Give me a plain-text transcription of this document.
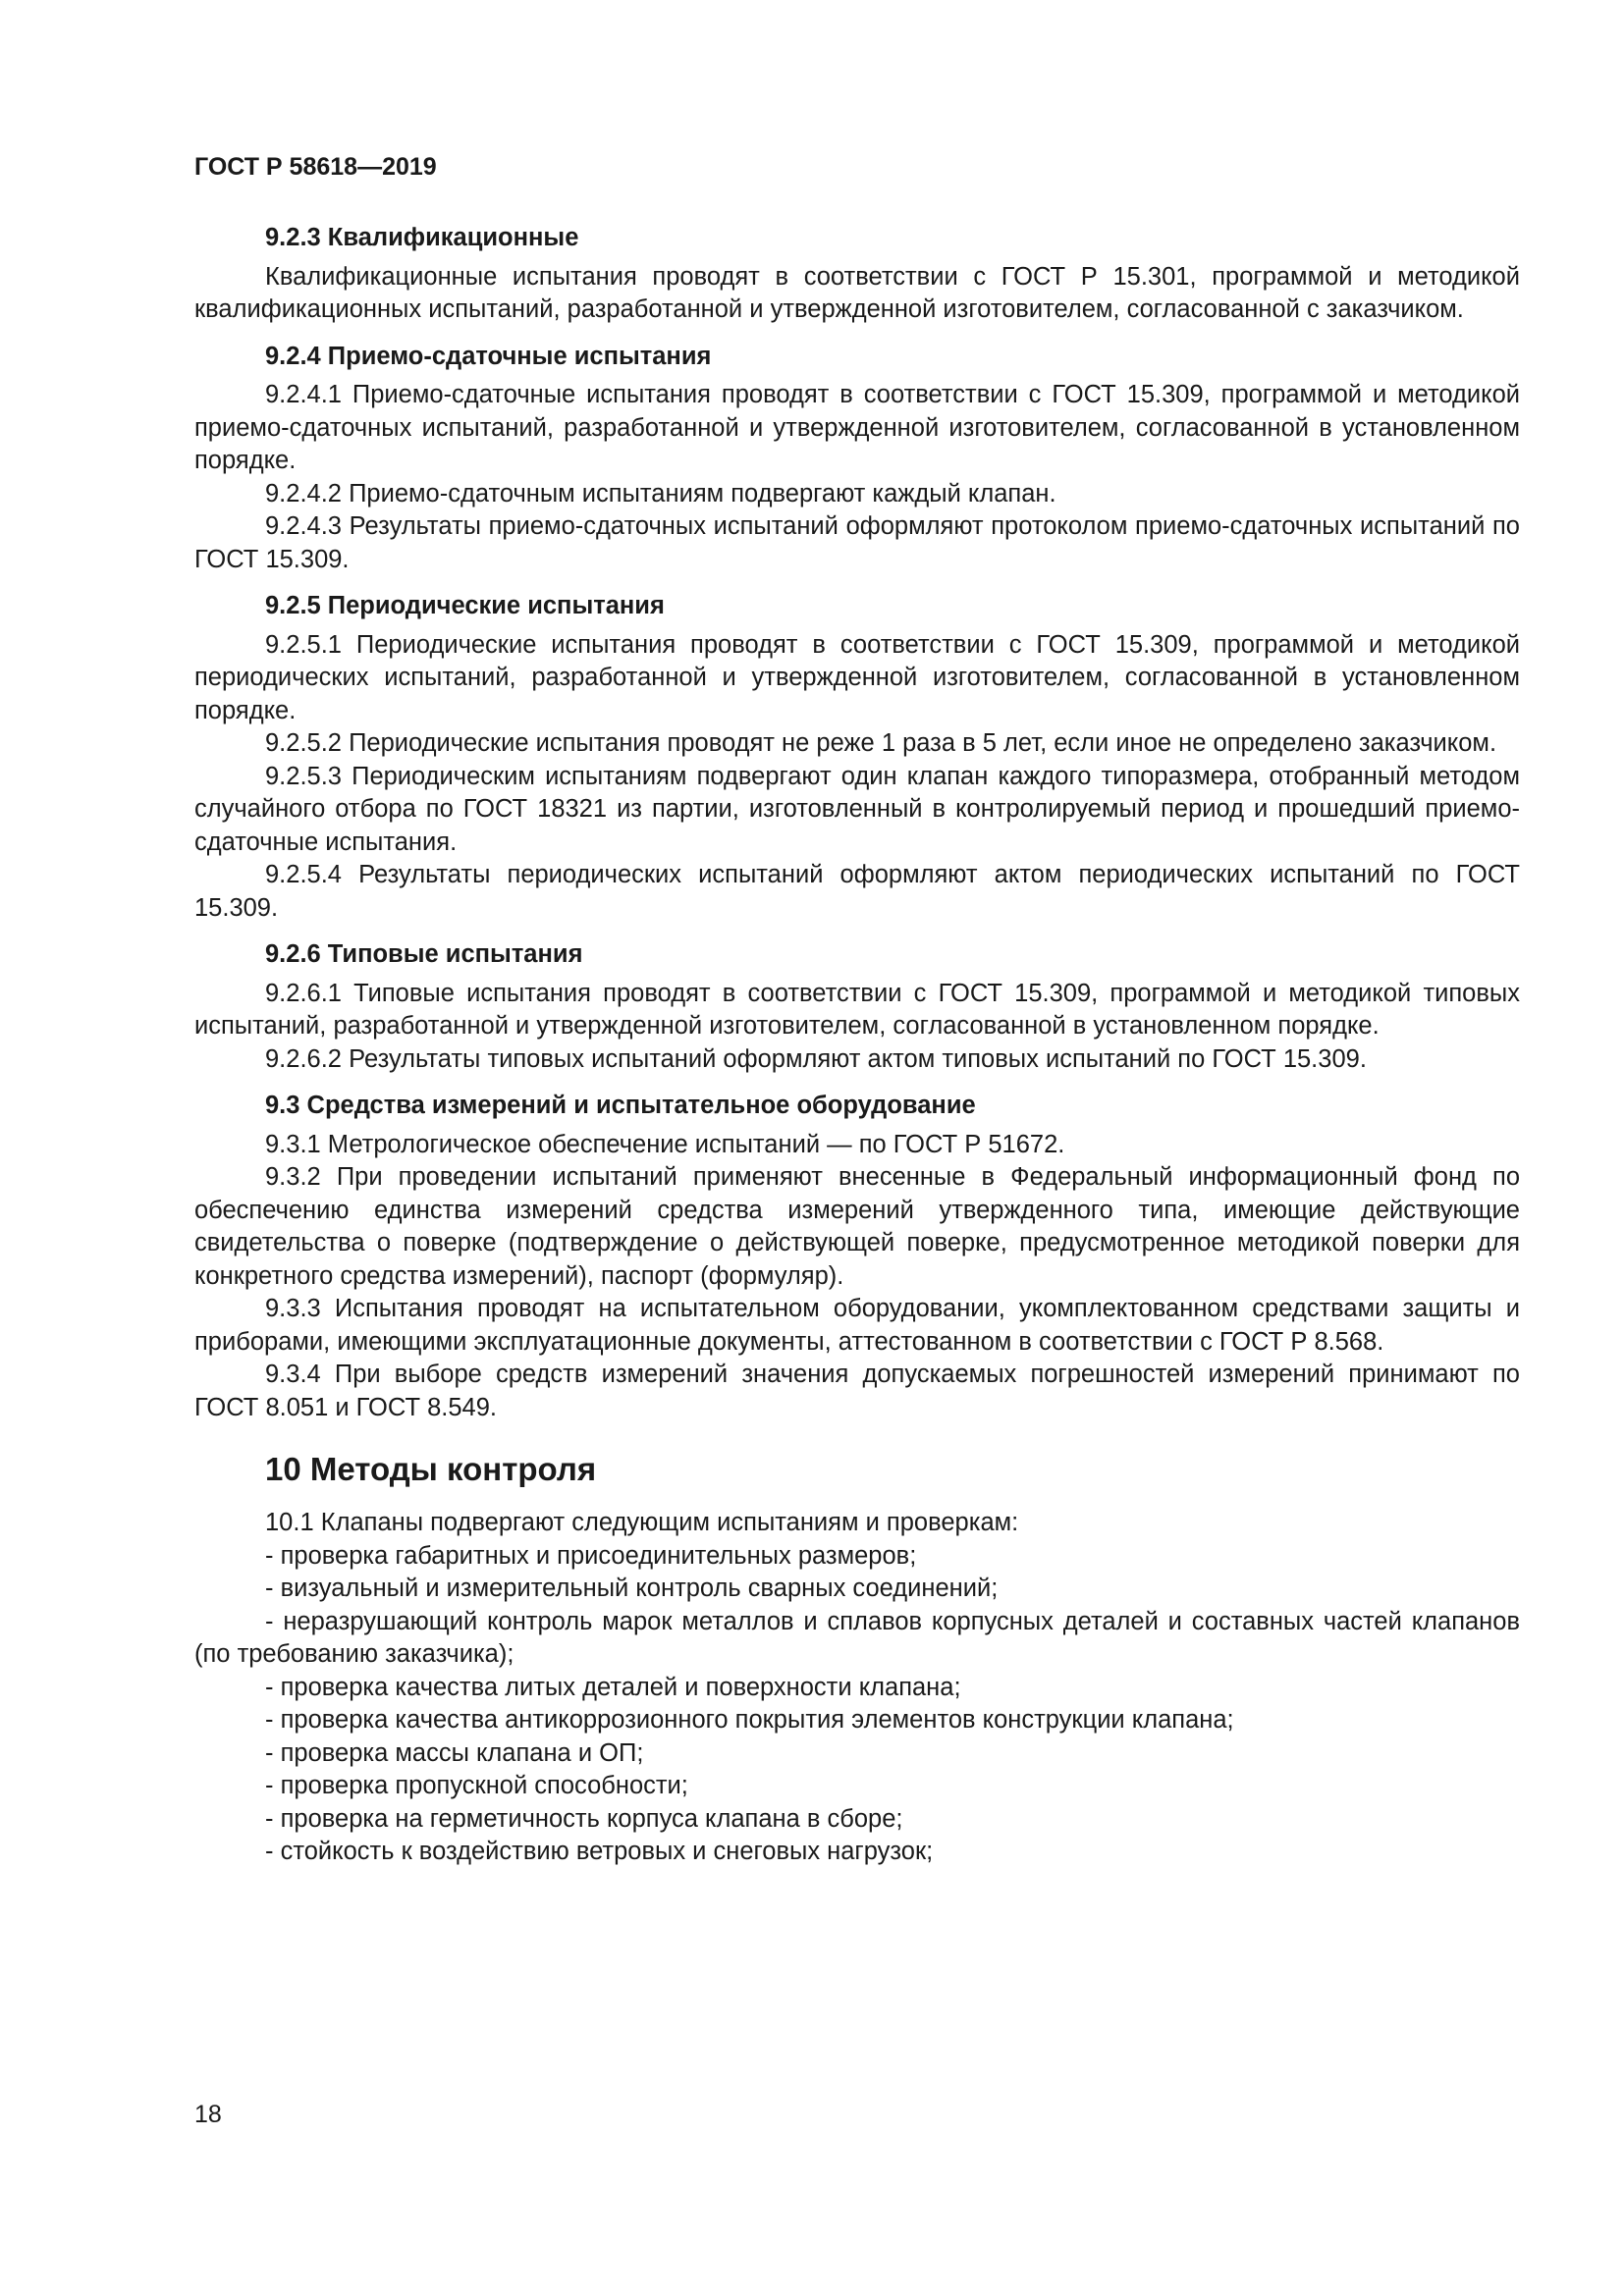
ГОСТ Р 58618—2019
9.2.3 Квалификационные

Квалификационные испытания проводят в соответствии с ГОСТ Р 15.301, программой и методикой квалификационных испытаний, разработанной и утвержденной изготовителем, согласованной с заказчиком.

9.2.4 Приемо-сдаточные испытания

9.2.4.1 Приемо-сдаточные испытания проводят в соответствии с ГОСТ 15.309, программой и методикой приемо-сдаточных испытаний, разработанной и утвержденной изготовителем, согласованной в установленном порядке.

9.2.4.2 Приемо-сдаточным испытаниям подвергают каждый клапан.

9.2.4.3 Результаты приемо-сдаточных испытаний оформляют протоколом приемо-сдаточных испытаний по ГОСТ 15.309.

9.2.5 Периодические испытания

9.2.5.1 Периодические испытания проводят в соответствии с ГОСТ 15.309, программой и методикой периодических испытаний, разработанной и утвержденной изготовителем, согласованной в установленном порядке.

9.2.5.2 Периодические испытания проводят не реже 1 раза в 5 лет, если иное не определено заказчиком.

9.2.5.3 Периодическим испытаниям подвергают один клапан каждого типоразмера, отобранный методом случайного отбора по ГОСТ 18321 из партии, изготовленный в контролируемый период и прошедший приемо-сдаточные испытания.

9.2.5.4 Результаты периодических испытаний оформляют актом периодических испытаний по ГОСТ 15.309.

9.2.6 Типовые испытания

9.2.6.1 Типовые испытания проводят в соответствии с ГОСТ 15.309, программой и методикой типовых испытаний, разработанной и утвержденной изготовителем, согласованной в установленном порядке.

9.2.6.2 Результаты типовых испытаний оформляют актом типовых испытаний по ГОСТ 15.309.

9.3 Средства измерений и испытательное оборудование

9.3.1 Метрологическое обеспечение испытаний — по ГОСТ Р 51672.

9.3.2 При проведении испытаний применяют внесенные в Федеральный информационный фонд по обеспечению единства измерений средства измерений утвержденного типа, имеющие действующие свидетельства о поверке (подтверждение о действующей поверке, предусмотренное методикой поверки для конкретного средства измерений), паспорт (формуляр).

9.3.3 Испытания проводят на испытательном оборудовании, укомплектованном средствами защиты и приборами, имеющими эксплуатационные документы, аттестованном в соответствии с ГОСТ Р 8.568.

9.3.4 При выборе средств измерений значения допускаемых погрешностей измерений принимают по ГОСТ 8.051 и ГОСТ 8.549.

10 Методы контроля

10.1 Клапаны подвергают следующим испытаниям и проверкам:

- проверка габаритных и присоединительных размеров;

- визуальный и измерительный контроль сварных соединений;

- неразрушающий контроль марок металлов и сплавов корпусных деталей и составных частей клапанов (по требованию заказчика);

- проверка качества литых деталей и поверхности клапана;

- проверка качества антикоррозионного покрытия элементов конструкции клапана;

- проверка массы клапана и ОП;

- проверка пропускной способности;

- проверка на герметичность корпуса клапана в сборе;

- стойкость к воздействию ветровых и снеговых нагрузок;

18
